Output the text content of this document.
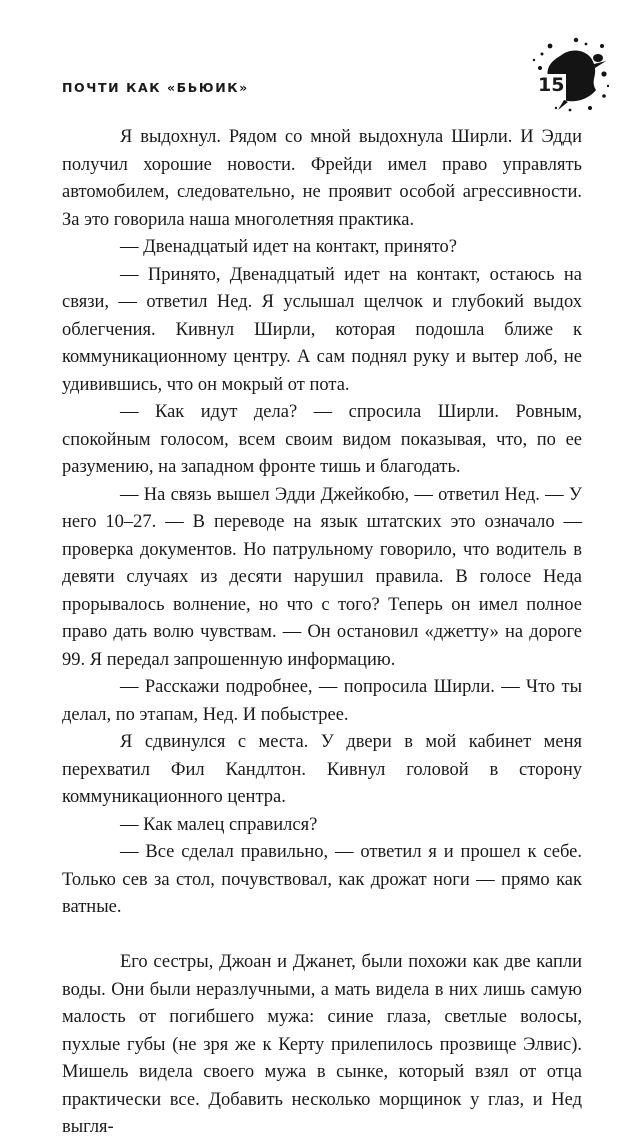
ПОЧТИ КАК «БЬЮИК»	15

Я выдохнул. Рядом со мной выдохнула Ширли. И Эдди получил хорошие новости. Фрейди имел право управлять автомобилем, следовательно, не проявит особой агрессивности. За это говорила наша многолетняя практика.

— Двенадцатый идет на контакт, принято?

— Принято, Двенадцатый идет на контакт, остаюсь на связи, — ответил Нед. Я услышал щелчок и глубокий выдох облегчения. Кивнул Ширли, которая подошла ближе к коммуникационному центру. А сам поднял руку и вытер лоб, не удивившись, что он мокрый от пота.

— Как идут дела? — спросила Ширли. Ровным, спокойным голосом, всем своим видом показывая, что, по ее разумению, на западном фронте тишь и благодать.

— На связь вышел Эдди Джейкобю, — ответил Нед. — У него 10–27. — В переводе на язык штатских это означало — проверка документов. Но патрульному говорило, что водитель в девяти случаях из десяти нарушил правила. В голосе Неда прорывалось волнение, но что с того? Теперь он имел полное право дать волю чувствам. — Он остановил «джетту» на дороге 99. Я передал запрошенную информацию.

— Расскажи подробнее, — попросила Ширли. — Что ты делал, по этапам, Нед. И побыстрее.

Я сдвинулся с места. У двери в мой кабинет меня перехватил Фил Кандлтон. Кивнул головой в сторону коммуникационного центра.

— Как малец справился?

— Все сделал правильно, — ответил я и прошел к себе. Только сев за стол, почувствовал, как дрожат ноги — прямо как ватные.

Его сестры, Джоан и Джанет, были похожи как две капли воды. Они были неразлучными, а мать видела в них лишь самую малость от погибшего мужа: синие глаза, светлые волосы, пухлые губы (не зря же к Керту прилепилось прозвище Элвис). Мишель видела своего мужа в сынке, который взял от отца практически все. Добавить несколько морщинок у глаз, и Нед выгля-
